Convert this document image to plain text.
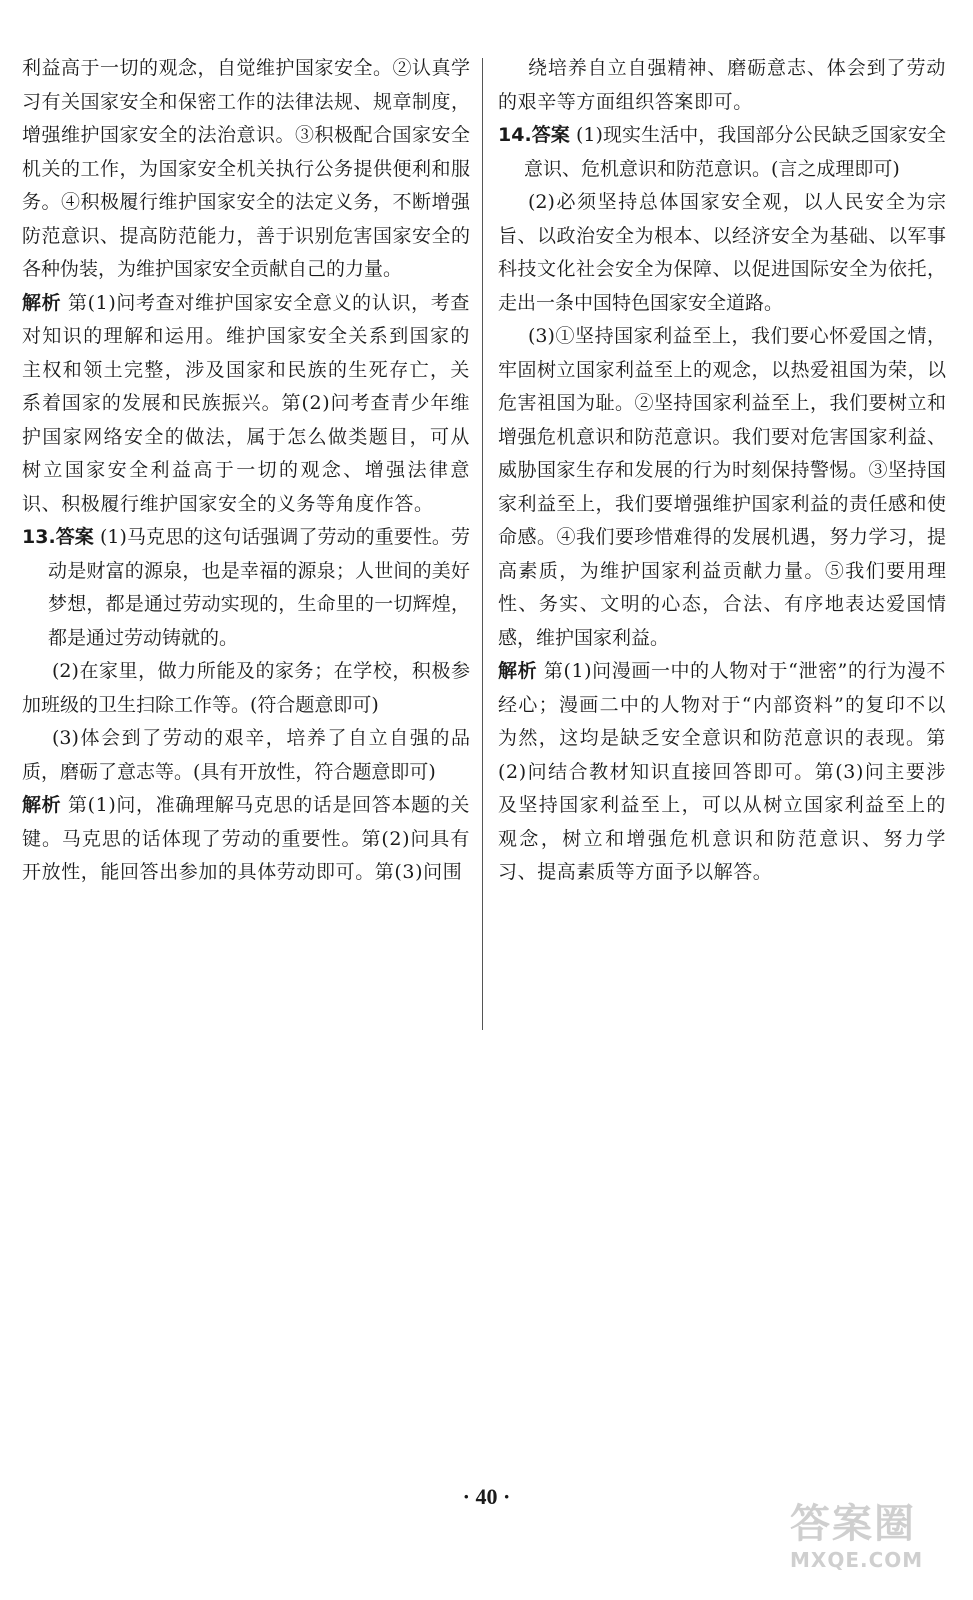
利益高于一切的观念，自觉维护国家安全。②认真学习有关国家安全和保密工作的法律法规、规章制度，增强维护国家安全的法治意识。③积极配合国家安全机关的工作，为国家安全机关执行公务提供便利和服务。④积极履行维护国家安全的法定义务，不断增强防范意识、提高防范能力，善于识别危害国家安全的各种伪装，为维护国家安全贡献自己的力量。

解析 第(1)问考查对维护国家安全意义的认识，考查对知识的理解和运用。维护国家安全关系到国家的主权和领土完整，涉及国家和民族的生死存亡，关系着国家的发展和民族振兴。第(2)问考查青少年维护国家网络安全的做法，属于怎么做类题目，可从树立国家安全利益高于一切的观念、增强法律意识、积极履行维护国家安全的义务等角度作答。

13.答案 (1)马克思的这句话强调了劳动的重要性。劳动是财富的源泉，也是幸福的源泉；人世间的美好梦想，都是通过劳动实现的，生命里的一切辉煌，都是通过劳动铸就的。

(2)在家里，做力所能及的家务；在学校，积极参加班级的卫生扫除工作等。(符合题意即可)

(3)体会到了劳动的艰辛，培养了自立自强的品质，磨砺了意志等。(具有开放性，符合题意即可)

解析 第(1)问，准确理解马克思的话是回答本题的关键。马克思的话体现了劳动的重要性。第(2)问具有开放性，能回答出参加的具体劳动即可。第(3)问围

绕培养自立自强精神、磨砺意志、体会到了劳动的艰辛等方面组织答案即可。

14.答案 (1)现实生活中，我国部分公民缺乏国家安全意识、危机意识和防范意识。(言之成理即可)

(2)必须坚持总体国家安全观，以人民安全为宗旨、以政治安全为根本、以经济安全为基础、以军事科技文化社会安全为保障、以促进国际安全为依托，走出一条中国特色国家安全道路。

(3)①坚持国家利益至上，我们要心怀爱国之情，牢固树立国家利益至上的观念，以热爱祖国为荣，以危害祖国为耻。②坚持国家利益至上，我们要树立和增强危机意识和防范意识。我们要对危害国家利益、威胁国家生存和发展的行为时刻保持警惕。③坚持国家利益至上，我们要增强维护国家利益的责任感和使命感。④我们要珍惜难得的发展机遇，努力学习，提高素质，为维护国家利益贡献力量。⑤我们要用理性、务实、文明的心态，合法、有序地表达爱国情感，维护国家利益。

解析 第(1)问漫画一中的人物对于“泄密”的行为漫不经心；漫画二中的人物对于“内部资料”的复印不以为然，这均是缺乏安全意识和防范意识的表现。第(2)问结合教材知识直接回答即可。第(3)问主要涉及坚持国家利益至上，可以从树立国家利益至上的观念，树立和增强危机意识和防范意识、努力学习、提高素质等方面予以解答。

· 40 ·
答案圈
MXQE.COM
